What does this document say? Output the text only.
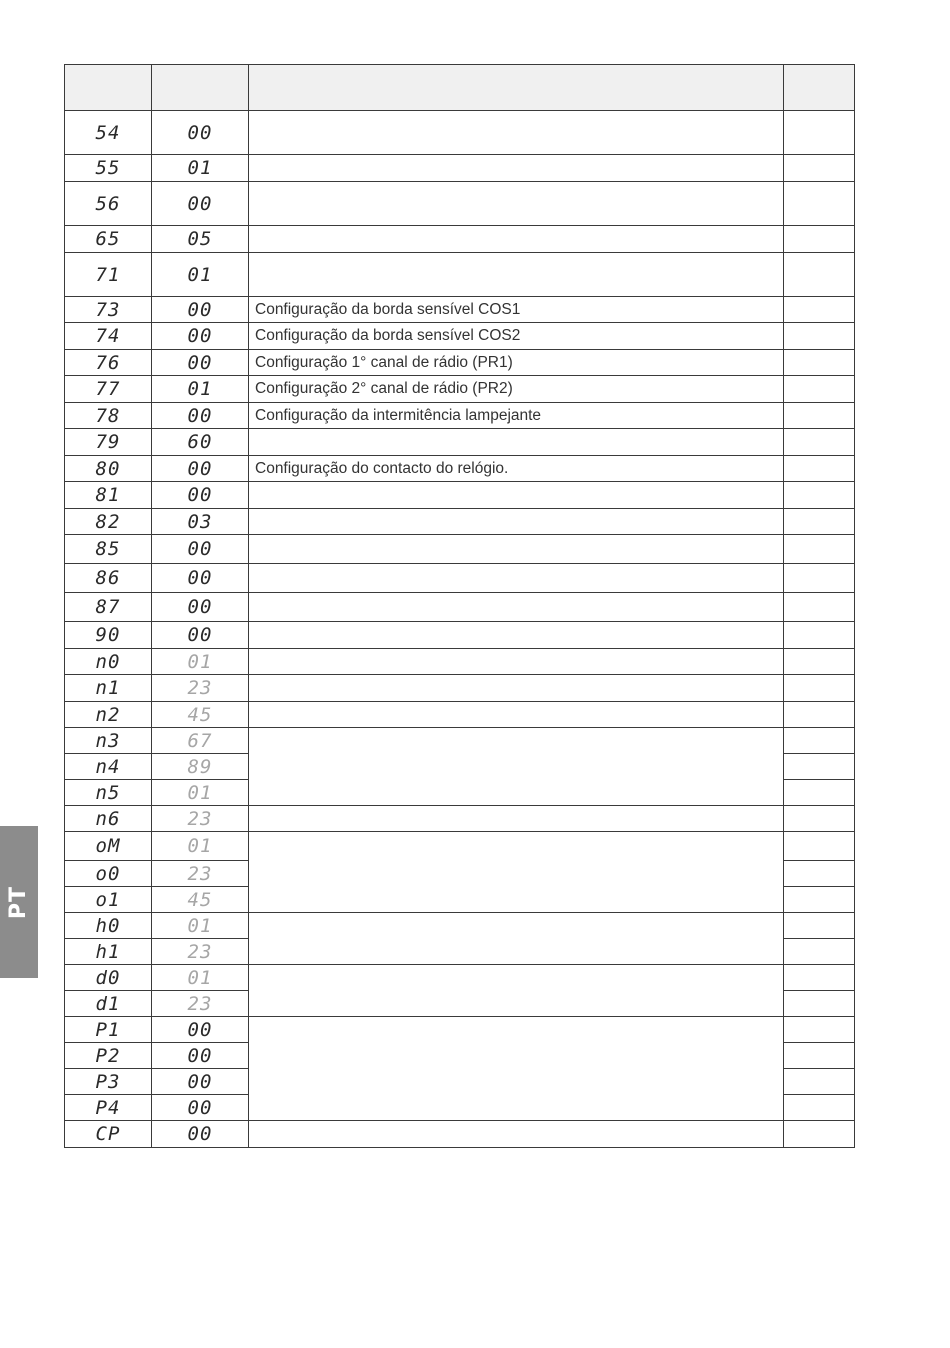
PT

54	00		
55	01		
56	00		
65	05		
71	01		
73	00	Configuração da borda sensível COS1	
74	00	Configuração da borda sensível COS2	
76	00	Configuração 1° canal de rádio (PR1)	
77	01	Configuração 2° canal de rádio (PR2)	
78	00	Configuração da intermitência lampejante	
79	60		
80	00	Configuração do contacto do relógio.	
81	00		
82	03		
85	00		
86	00		
87	00		
90	00		
n0	01		
n1	23		
n2	45		
n3	67		
n4	89		
n5	01		
n6	23		
oM	01		
o0	23		
o1	45		
h0	01		
h1	23		
d0	01		
d1	23		
P1	00		
P2	00		
P3	00		
P4	00		
CP	00		
